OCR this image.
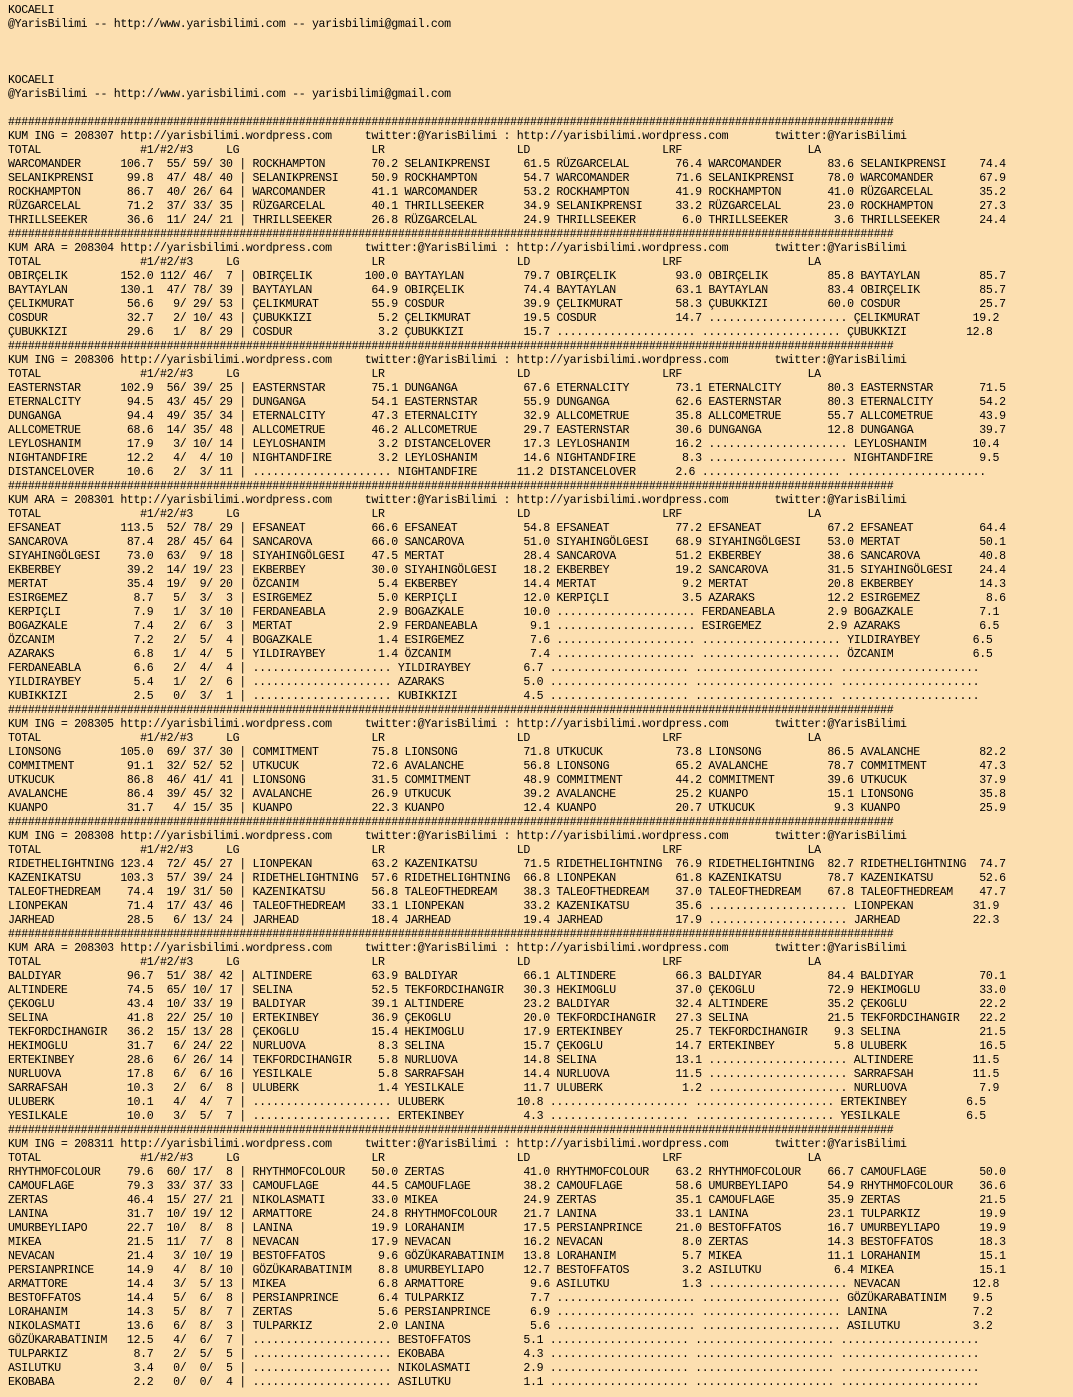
KOCAELI
@YarisBilimi -- http://www.yarisbilimi.com -- yarisbilimi@gmail.com

KOCAELI
@YarisBilimi -- http://www.yarisbilimi.com -- yarisbilimi@gmail.com

######################################################################################################################################
KUM ING = 208307 http://yarisbilimi.wordpress.com     twitter:@YarisBilimi : http://yarisbilimi.wordpress.com       twitter:@YarisBilimi
TOTAL               #1/#2/#3     LG                    LR                    LD                    LRF                   LA
WARCOMANDER      106.7  55/ 59/ 30 | ROCKHAMPTON       70.2 SELANIKPRENSI     61.5 RÜZGARCELAL       76.4 WARCOMANDER       83.6 SELANIKPRENSI     74.4
SELANIKPRENSI     99.8  47/ 48/ 40 | SELANIKPRENSI     50.9 ROCKHAMPTON       54.7 WARCOMANDER       71.6 SELANIKPRENSI     78.0 WARCOMANDER       67.9
ROCKHAMPTON       86.7  40/ 26/ 64 | WARCOMANDER       41.1 WARCOMANDER       53.2 ROCKHAMPTON       41.9 ROCKHAMPTON       41.0 RÜZGARCELAL       35.2
RÜZGARCELAL       71.2  37/ 33/ 35 | RÜZGARCELAL       40.1 THRILLSEEKER      34.9 SELANIKPRENSI     33.2 RÜZGARCELAL       23.0 ROCKHAMPTON       27.3
THRILLSEEKER      36.6  11/ 24/ 21 | THRILLSEEKER      26.8 RÜZGARCELAL       24.9 THRILLSEEKER       6.0 THRILLSEEKER       3.6 THRILLSEEKER      24.4
######################################################################################################################################
KUM ARA = 208304 http://yarisbilimi.wordpress.com     twitter:@YarisBilimi : http://yarisbilimi.wordpress.com       twitter:@YarisBilimi
TOTAL               #1/#2/#3     LG                    LR                    LD                    LRF                   LA
OBIRÇELIK        152.0 112/ 46/  7 | OBIRÇELIK        100.0 BAYTAYLAN         79.7 OBIRÇELIK         93.0 OBIRÇELIK         85.8 BAYTAYLAN         85.7
BAYTAYLAN        130.1  47/ 78/ 39 | BAYTAYLAN         64.9 OBIRÇELIK         74.4 BAYTAYLAN         63.1 BAYTAYLAN         83.4 OBIRÇELIK         85.7
ÇELIKMURAT        56.6   9/ 29/ 53 | ÇELIKMURAT        55.9 COSDUR            39.9 ÇELIKMURAT        58.3 ÇUBUKKIZI         60.0 COSDUR            25.7
COSDUR            32.7   2/ 10/ 43 | ÇUBUKKIZI          5.2 ÇELIKMURAT        19.5 COSDUR            14.7 ..................... ÇELIKMURAT        19.2
ÇUBUKKIZI         29.6   1/  8/ 29 | COSDUR             3.2 ÇUBUKKIZI         15.7 ..................... ..................... ÇUBUKKIZI         12.8
######################################################################################################################################
KUM ING = 208306 http://yarisbilimi.wordpress.com     twitter:@YarisBilimi : http://yarisbilimi.wordpress.com       twitter:@YarisBilimi
TOTAL               #1/#2/#3     LG                    LR                    LD                    LRF                   LA
EASTERNSTAR      102.9  56/ 39/ 25 | EASTERNSTAR       75.1 DUNGANGA          67.6 ETERNALCITY       73.1 ETERNALCITY       80.3 EASTERNSTAR       71.5
ETERNALCITY       94.5  43/ 45/ 29 | DUNGANGA          54.1 EASTERNSTAR       55.9 DUNGANGA          62.6 EASTERNSTAR       80.3 ETERNALCITY       54.2
DUNGANGA          94.4  49/ 35/ 34 | ETERNALCITY       47.3 ETERNALCITY       32.9 ALLCOMETRUE       35.8 ALLCOMETRUE       55.7 ALLCOMETRUE       43.9
ALLCOMETRUE       68.6  14/ 35/ 48 | ALLCOMETRUE       46.2 ALLCOMETRUE       29.7 EASTERNSTAR       30.6 DUNGANGA          12.8 DUNGANGA          39.7
LEYLOSHANIM       17.9   3/ 10/ 14 | LEYLOSHANIM        3.2 DISTANCELOVER     17.3 LEYLOSHANIM       16.2 ..................... LEYLOSHANIM       10.4
NIGHTANDFIRE      12.2   4/  4/ 10 | NIGHTANDFIRE       3.2 LEYLOSHANIM       14.6 NIGHTANDFIRE       8.3 ..................... NIGHTANDFIRE       9.5
DISTANCELOVER     10.6   2/  3/ 11 | ..................... NIGHTANDFIRE      11.2 DISTANCELOVER      2.6 ..................... .....................
######################################################################################################################################
KUM ARA = 208301 http://yarisbilimi.wordpress.com     twitter:@YarisBilimi : http://yarisbilimi.wordpress.com       twitter:@YarisBilimi
TOTAL               #1/#2/#3     LG                    LR                    LD                    LRF                   LA
EFSANEAT         113.5  52/ 78/ 29 | EFSANEAT          66.6 EFSANEAT          54.8 EFSANEAT          77.2 EFSANEAT          67.2 EFSANEAT          64.4
SANCAROVA         87.4  28/ 45/ 64 | SANCAROVA         66.0 SANCAROVA         51.0 SIYAHINGÖLGESI    68.9 SIYAHINGÖLGESI    53.0 MERTAT            50.1
SIYAHINGÖLGESI    73.0  63/  9/ 18 | SIYAHINGÖLGESI    47.5 MERTAT            28.4 SANCAROVA         51.2 EKBERBEY          38.6 SANCAROVA         40.8
EKBERBEY          39.2  14/ 19/ 23 | EKBERBEY          30.0 SIYAHINGÖLGESI    18.2 EKBERBEY          19.2 SANCAROVA         31.5 SIYAHINGÖLGESI    24.4
MERTAT            35.4  19/  9/ 20 | ÖZCANIM            5.4 EKBERBEY          14.4 MERTAT             9.2 MERTAT            20.8 EKBERBEY          14.3
ESIRGEMEZ          8.7   5/  3/  3 | ESIRGEMEZ          5.0 KERPIÇLI          12.0 KERPIÇLI           3.5 AZARAKS           12.2 ESIRGEMEZ          8.6
KERPIÇLI           7.9   1/  3/ 10 | FERDANEABLA        2.9 BOGAZKALE         10.0 ..................... FERDANEABLA        2.9 BOGAZKALE          7.1
BOGAZKALE          7.4   2/  6/  3 | MERTAT             2.9 FERDANEABLA        9.1 ..................... ESIRGEMEZ          2.9 AZARAKS            6.5
ÖZCANIM            7.2   2/  5/  4 | BOGAZKALE          1.4 ESIRGEMEZ          7.6 ..................... ..................... YILDIRAYBEY        6.5
AZARAKS            6.8   1/  4/  5 | YILDIRAYBEY        1.4 ÖZCANIM            7.4 ..................... ..................... ÖZCANIM            6.5
FERDANEABLA        6.6   2/  4/  4 | ..................... YILDIRAYBEY        6.7 ..................... ..................... .....................
YILDIRAYBEY        5.4   1/  2/  6 | ..................... AZARAKS            5.0 ..................... ..................... .....................
KUBIKKIZI          2.5   0/  3/  1 | ..................... KUBIKKIZI          4.5 ..................... ..................... .....................
######################################################################################################################################
KUM ING = 208305 http://yarisbilimi.wordpress.com     twitter:@YarisBilimi : http://yarisbilimi.wordpress.com       twitter:@YarisBilimi
TOTAL               #1/#2/#3     LG                    LR                    LD                    LRF                   LA
LIONSONG         105.0  69/ 37/ 30 | COMMITMENT        75.8 LIONSONG          71.8 UTKUCUK           73.8 LIONSONG          86.5 AVALANCHE         82.2
COMMITMENT        91.1  32/ 52/ 52 | UTKUCUK           72.6 AVALANCHE         56.8 LIONSONG          65.2 AVALANCHE         78.7 COMMITMENT        47.3
UTKUCUK           86.8  46/ 41/ 41 | LIONSONG          31.5 COMMITMENT        48.9 COMMITMENT        44.2 COMMITMENT        39.6 UTKUCUK           37.9
AVALANCHE         86.4  39/ 45/ 32 | AVALANCHE         26.9 UTKUCUK           39.2 AVALANCHE         25.2 KUANPO            15.1 LIONSONG          35.8
KUANPO            31.7   4/ 15/ 35 | KUANPO            22.3 KUANPO            12.4 KUANPO            20.7 UTKUCUK            9.3 KUANPO            25.9
######################################################################################################################################
KUM ING = 208308 http://yarisbilimi.wordpress.com     twitter:@YarisBilimi : http://yarisbilimi.wordpress.com       twitter:@YarisBilimi
TOTAL               #1/#2/#3     LG                    LR                    LD                    LRF                   LA
RIDETHELIGHTNING 123.4  72/ 45/ 27 | LIONPEKAN         63.2 KAZENIKATSU       71.5 RIDETHELIGHTNING  76.9 RIDETHELIGHTNING  82.7 RIDETHELIGHTNING  74.7
KAZENIKATSU      103.3  57/ 39/ 24 | RIDETHELIGHTNING  57.6 RIDETHELIGHTNING  66.8 LIONPEKAN         61.8 KAZENIKATSU       78.7 KAZENIKATSU       52.6
TALEOFTHEDREAM    74.4  19/ 31/ 50 | KAZENIKATSU       56.8 TALEOFTHEDREAM    38.3 TALEOFTHEDREAM    37.0 TALEOFTHEDREAM    67.8 TALEOFTHEDREAM    47.7
LIONPEKAN         71.4  17/ 43/ 46 | TALEOFTHEDREAM    33.1 LIONPEKAN         33.2 KAZENIKATSU       35.6 ..................... LIONPEKAN         31.9
JARHEAD           28.5   6/ 13/ 24 | JARHEAD           18.4 JARHEAD           19.4 JARHEAD           17.9 ..................... JARHEAD           22.3
######################################################################################################################################
KUM ARA = 208303 http://yarisbilimi.wordpress.com     twitter:@YarisBilimi : http://yarisbilimi.wordpress.com       twitter:@YarisBilimi
TOTAL               #1/#2/#3     LG                    LR                    LD                    LRF                   LA
BALDIYAR          96.7  51/ 38/ 42 | ALTINDERE         63.9 BALDIYAR          66.1 ALTINDERE         66.3 BALDIYAR          84.4 BALDIYAR          70.1
ALTINDERE         74.5  65/ 10/ 17 | SELINA            52.5 TEKFORDCIHANGIR   30.3 HEKIMOGLU         37.0 ÇEKOGLU           72.9 HEKIMOGLU         33.0
ÇEKOGLU           43.4  10/ 33/ 19 | BALDIYAR          39.1 ALTINDERE         23.2 BALDIYAR          32.4 ALTINDERE         35.2 ÇEKOGLU           22.2
SELINA            41.8  22/ 25/ 10 | ERTEKINBEY        36.9 ÇEKOGLU           20.0 TEKFORDCIHANGIR   27.3 SELINA            21.5 TEKFORDCIHANGIR   22.2
TEKFORDCIHANGIR   36.2  15/ 13/ 28 | ÇEKOGLU           15.4 HEKIMOGLU         17.9 ERTEKINBEY        25.7 TEKFORDCIHANGIR    9.3 SELINA            21.5
HEKIMOGLU         31.7   6/ 24/ 22 | NURLUOVA           8.3 SELINA            15.7 ÇEKOGLU           14.7 ERTEKINBEY         5.8 ULUBERK           16.5
ERTEKINBEY        28.6   6/ 26/ 14 | TEKFORDCIHANGIR    5.8 NURLUOVA          14.8 SELINA            13.1 ..................... ALTINDERE         11.5
NURLUOVA          17.8   6/  6/ 16 | YESILKALE          5.8 SARRAFSAH         14.4 NURLUOVA          11.5 ..................... SARRAFSAH         11.5
SARRAFSAH         10.3   2/  6/  8 | ULUBERK            1.4 YESILKALE         11.7 ULUBERK            1.2 ..................... NURLUOVA           7.9
ULUBERK           10.1   4/  4/  7 | ..................... ULUBERK           10.8 ..................... ..................... ERTEKINBEY         6.5
YESILKALE         10.0   3/  5/  7 | ..................... ERTEKINBEY         4.3 ..................... ..................... YESILKALE          6.5
######################################################################################################################################
KUM ING = 208311 http://yarisbilimi.wordpress.com     twitter:@YarisBilimi : http://yarisbilimi.wordpress.com       twitter:@YarisBilimi
TOTAL               #1/#2/#3     LG                    LR                    LD                    LRF                   LA
RHYTHMOFCOLOUR    79.6  60/ 17/  8 | RHYTHMOFCOLOUR    50.0 ZERTAS            41.0 RHYTHMOFCOLOUR    63.2 RHYTHMOFCOLOUR    66.7 CAMOUFLAGE        50.0
CAMOUFLAGE        79.3  33/ 37/ 33 | CAMOUFLAGE        44.5 CAMOUFLAGE        38.2 CAMOUFLAGE        58.6 UMURBEYLIAPO      54.9 RHYTHMOFCOLOUR    36.6
ZERTAS            46.4  15/ 27/ 21 | NIKOLASMATI       33.0 MIKEA             24.9 ZERTAS            35.1 CAMOUFLAGE        35.9 ZERTAS            21.5
LANINA            31.7  10/ 19/ 12 | ARMATTORE         24.8 RHYTHMOFCOLOUR    21.7 LANINA            33.1 LANINA            23.1 TULPARKIZ         19.9
UMURBEYLIAPO      22.7  10/  8/  8 | LANINA            19.9 LORAHANIM         17.5 PERSIANPRINCE     21.0 BESTOFFATOS       16.7 UMURBEYLIAPO      19.9
MIKEA             21.5  11/  7/  8 | NEVACAN           17.9 NEVACAN           16.2 NEVACAN            8.0 ZERTAS            14.3 BESTOFFATOS       18.3
NEVACAN           21.4   3/ 10/ 19 | BESTOFFATOS        9.6 GÖZÜKARABATINIM   13.8 LORAHANIM          5.7 MIKEA             11.1 LORAHANIM         15.1
PERSIANPRINCE     14.9   4/  8/ 10 | GÖZÜKARABATINIM    8.8 UMURBEYLIAPO      12.7 BESTOFFATOS        3.2 ASILUTKU           6.4 MIKEA             15.1
ARMATTORE         14.4   3/  5/ 13 | MIKEA              6.8 ARMATTORE          9.6 ASILUTKU           1.3 ..................... NEVACAN           12.8
BESTOFFATOS       14.4   5/  6/  8 | PERSIANPRINCE      6.4 TULPARKIZ          7.7 ..................... ..................... GÖZÜKARABATINIM    9.5
LORAHANIM         14.3   5/  8/  7 | ZERTAS             5.6 PERSIANPRINCE      6.9 ..................... ..................... LANINA             7.2
NIKOLASMATI       13.6   6/  8/  3 | TULPARKIZ          2.0 LANINA             5.6 ..................... ..................... ASILUTKU           3.2
GÖZÜKARABATINIM   12.5   4/  6/  7 | ..................... BESTOFFATOS        5.1 ..................... ..................... .....................
TULPARKIZ          8.7   2/  5/  5 | ..................... EKOBABA            4.3 ..................... ..................... .....................
ASILUTKU           3.4   0/  0/  5 | ..................... NIKOLASMATI        2.9 ..................... ..................... .....................
EKOBABA            2.2   0/  0/  4 | ..................... ASILUTKU           1.1 ..................... ..................... .....................
